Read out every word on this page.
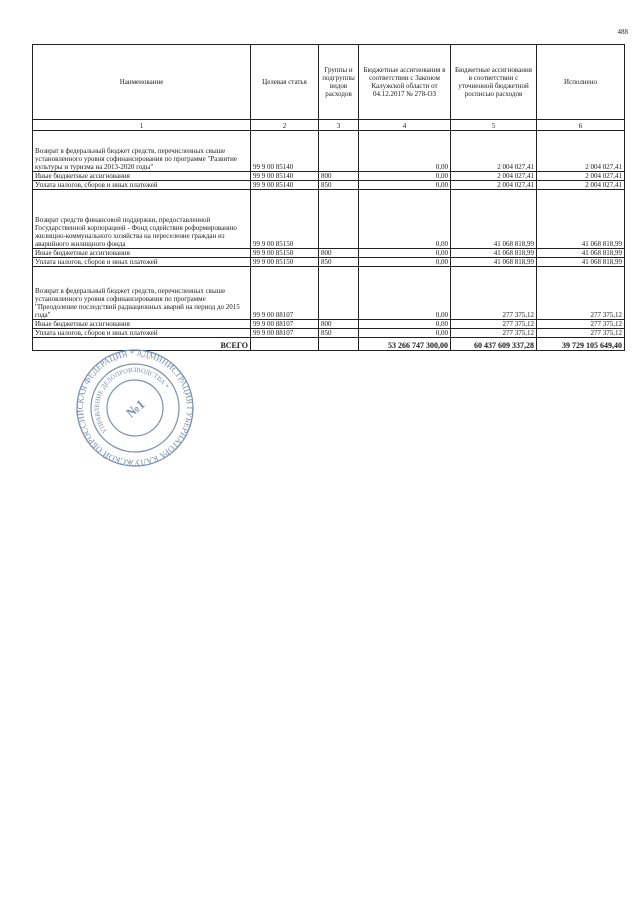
488
Наименование	Целевая статья	Группы и подгруппы видов расходов	Бюджетные ассигнования в соответствии с Законом Калужской области от 04.12.2017 № 278-ОЗ	Бюджетные ассигнования в соответствии с уточненной бюджетной росписью расходов	Исполнено
1	2	3	4	5	6
Возврат в федеральный бюджет средств, перечисленных свыше установленного уровня софинансирования по программе "Развитие культуры и туризма на 2013-2020 годы"	99 9 00 85140		0,00	2 004 027,41	2 004 027,41
Иные бюджетные ассигнования	99 9 00 85140	800	0,00	2 004 027,41	2 004 027,41
Уплата налогов, сборов и иных платежей	99 9 00 85140	850	0,00	2 004 027,41	2 004 027,41
Возврат средств финансовой поддержки, предоставленной Государственной корпорацией - Фонд содействия реформированию жилищно-коммунального хозяйства на переселение граждан из аварийного жилищного фонда	99 9 00 85150		0,00	41 068 818,99	41 068 818,99
Иные бюджетные ассигнования	99 9 00 85150	800	0,00	41 068 818,99	41 068 818,99
Уплата налогов, сборов и иных платежей	99 9 00 85150	850	0,00	41 068 818,99	41 068 818,99
Возврат в федеральный бюджет средств, перечисленных свыше установленного уровня софинансирования по программе "Преодоление последствий радиационных аварий на период до 2015 года"	99 9 00 88107		0,00	277 375,12	277 375,12
Иные бюджетные ассигнования	99 9 00 88107	800	0,00	277 375,12	277 375,12
Уплата налогов, сборов и иных платежей	99 9 00 88107	850	0,00	277 375,12	277 375,12
ВСЕГО			53 266 747 300,00	60 437 609 337,28	39 729 105 649,40
РОССИЙСКАЯ ФЕДЕРАЦИЯ * АДМИНИСТРАЦИЯ ГУБЕРНАТОРА КАЛУЖСКОЙ ОБЛАСТИ
УПРАВЛЕНИЕ ДЕЛОПРОИЗВОДСТВА *
№1
